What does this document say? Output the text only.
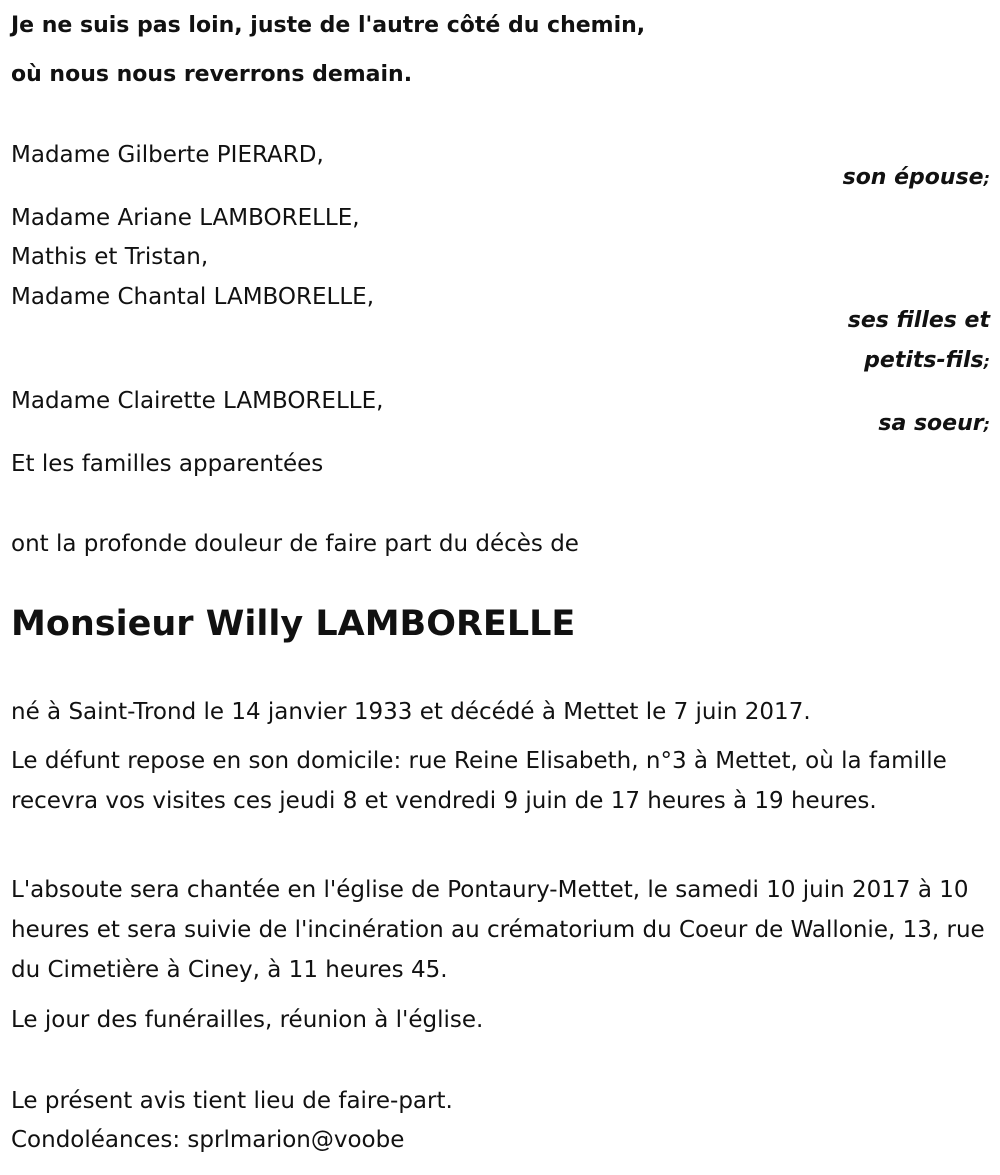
Je ne suis pas loin, juste de l'autre côté du chemin,

où nous nous reverrons demain.

Madame Gilberte PIERARD,

son épouse;

Madame Ariane LAMBORELLE,

Mathis et Tristan,

Madame Chantal LAMBORELLE,

ses filles et
petits-fils;

Madame Clairette LAMBORELLE,

sa soeur;

Et les familles apparentées

ont la profonde douleur de faire part du décès de

Monsieur Willy LAMBORELLE

né à Saint-Trond le 14 janvier 1933 et décédé à Mettet le 7 juin 2017.

Le défunt repose en son domicile: rue Reine Elisabeth, n°3 à Mettet, où la famille recevra vos visites ces jeudi 8 et vendredi 9 juin de 17 heures à 19 heures.

L'absoute sera chantée en l'église de Pontaury-Mettet, le samedi 10 juin 2017 à 10 heures et sera suivie de l'incinération au crématorium du Coeur de Wallonie, 13, rue du Cimetière à Ciney, à 11 heures 45.

Le jour des funérailles, réunion à l'église.

Le présent avis tient lieu de faire-part.

Condoléances: sprlmarion@voobe
